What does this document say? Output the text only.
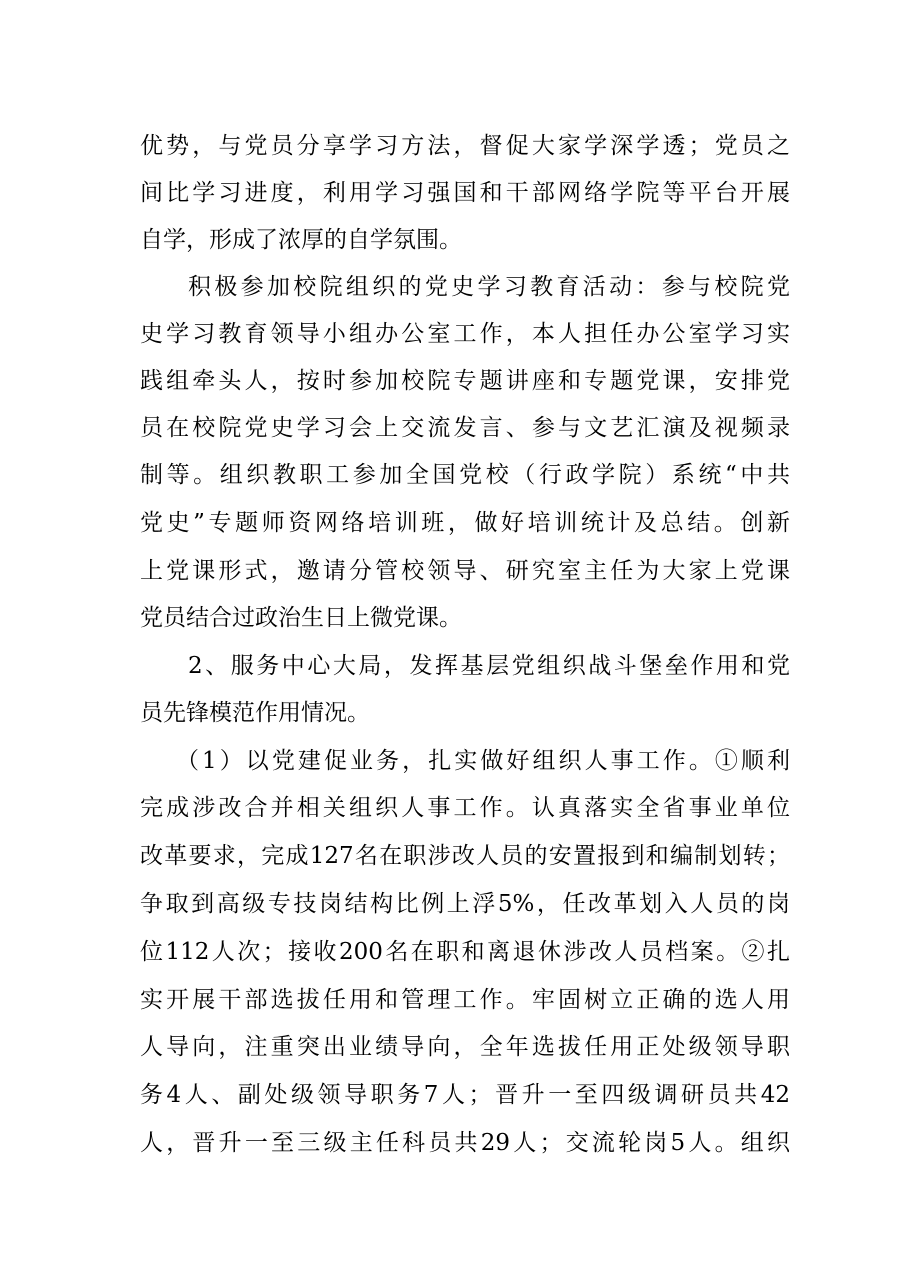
优势，与党员分享学习方法，督促大家学深学透；党员之
间比学习进度，利用学习强国和干部网络学院等平台开展
自学，形成了浓厚的自学氛围。
积极参加校院组织的党史学习教育活动：参与校院党
史学习教育领导小组办公室工作，本人担任办公室学习实
践组牵头人，按时参加校院专题讲座和专题党课，安排党
员在校院党史学习会上交流发言、参与文艺汇演及视频录
制等。组织教职工参加全国党校（行政学院）系统“中共
党史”专题师资网络培训班，做好培训统计及总结。创新
上党课形式，邀请分管校领导、研究室主任为大家上党课
党员结合过政治生日上微党课。
2、服务中心大局，发挥基层党组织战斗堡垒作用和党
员先锋模范作用情况。
（1）以党建促业务，扎实做好组织人事工作。①顺利
完成涉改合并相关组织人事工作。认真落实全省事业单位
改革要求，完成127名在职涉改人员的安置报到和编制划转；
争取到高级专技岗结构比例上浮5%，任改革划入人员的岗
位112人次；接收200名在职和离退休涉改人员档案。②扎
实开展干部选拔任用和管理工作。牢固树立正确的选人用
人导向，注重突出业绩导向，全年选拔任用正处级领导职
务4人、副处级领导职务7人；晋升一至四级调研员共42
人，晋升一至三级主任科员共29人；交流轮岗5人。组织
